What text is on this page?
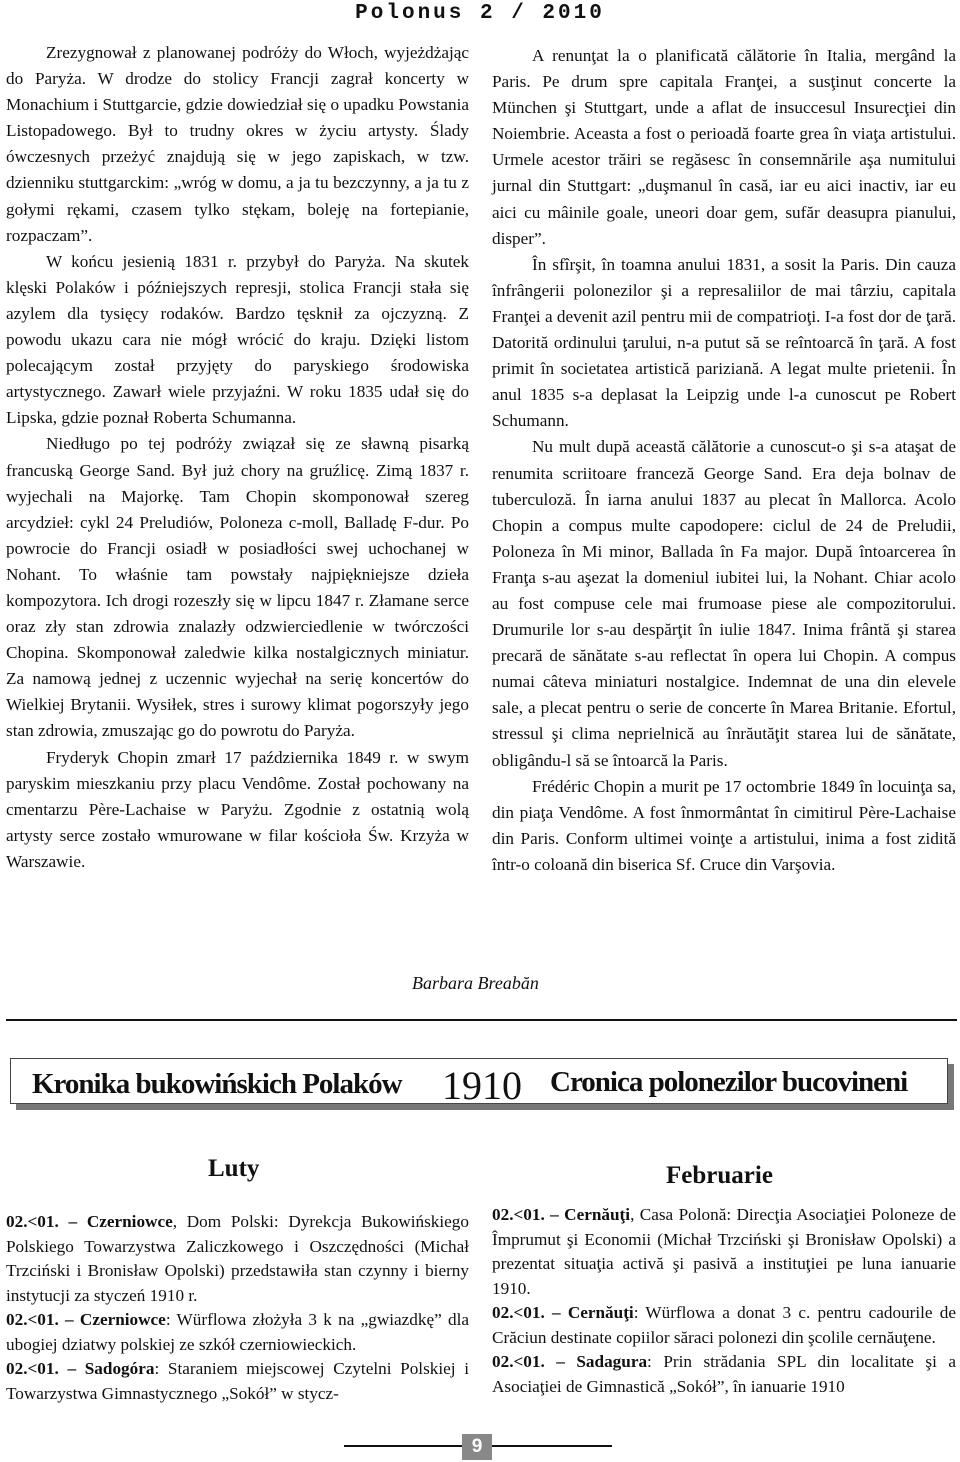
Polonus 2 / 2010

Zrezygnował z planowanej podróży do Włoch, wyjeżdżając do Paryża. W drodze do stolicy Francji zagrał koncerty w Monachium i Stuttgarcie, gdzie dowiedział się o upadku Powstania Listopadowego. Był to trudny okres w życiu artysty. Ślady ówczesnych przeżyć znajdują się w jego zapiskach, w tzw. dzienniku stuttgarckim: „wróg w domu, a ja tu bezczynny, a ja tu z gołymi rękami, czasem tylko stękam, boleję na fortepianie, rozpaczam”.

W końcu jesienią 1831 r. przybył do Paryża. Na skutek klęski Polaków i późniejszych represji, stolica Francji stała się azylem dla tysięcy rodaków. Bardzo tęsknił za ojczyzną. Z powodu ukazu cara nie mógł wrócić do kraju. Dzięki listom polecającym został przyjęty do paryskiego środowiska artystycznego. Zawarł wiele przyjaźni. W roku 1835 udał się do Lipska, gdzie poznał Roberta Schumanna.

Niedługo po tej podróży związał się ze sławną pisarką francuską George Sand. Był już chory na gruźlicę. Zimą 1837 r. wyjechali na Majorkę. Tam Chopin skomponował szereg arcydzieł: cykl 24 Preludiów, Poloneza c-moll, Balladę F-dur. Po powrocie do Francji osiadł w posiadłości swej uchochanej w Nohant. To właśnie tam powstały najpiękniejsze dzieła kompozytora. Ich drogi rozeszły się w lipcu 1847 r. Złamane serce oraz zły stan zdrowia znalazły odzwierciedlenie w twórczości Chopina. Skomponował zaledwie kilka nostalgicznych miniatur. Za namową jednej z uczennic wyjechał na serię koncertów do Wielkiej Brytanii. Wysiłek, stres i surowy klimat pogorszyły jego stan zdrowia, zmuszając go do powrotu do Paryża.

Fryderyk Chopin zmarł 17 października 1849 r. w swym paryskim mieszkaniu przy placu Vendôme. Został pochowany na cmentarzu Père-Lachaise w Paryżu. Zgodnie z ostatnią wolą artysty serce zostało wmurowane w filar kościoła Św. Krzyża w Warszawie.

A renunţat la o planificată călătorie în Italia, mergând la Paris. Pe drum spre capitala Franţei, a susţinut concerte la München şi Stuttgart, unde a aflat de insuccesul Insurecţiei din Noiembrie. Aceasta a fost o perioadă foarte grea în viaţa artistului. Urmele acestor trăiri se regăsesc în consemnările aşa numitului jurnal din Stuttgart: „duşmanul în casă, iar eu aici inactiv, iar eu aici cu mâinile goale, uneori doar gem, sufăr deasupra pianului, disper”.

În sfîrşit, în toamna anului 1831, a sosit la Paris. Din cauza înfrângerii polonezilor şi a represaliilor de mai târziu, capitala Franţei a devenit azil pentru mii de compatrioţi. I-a fost dor de ţară. Datorită ordinului ţarului, n-a putut să se reîntoarcă în ţară. A fost primit în societatea artistică pariziană. A legat multe prietenii. În anul 1835 s-a deplasat la Leipzig unde l-a cunoscut pe Robert Schumann.

Nu mult după această călătorie a cunoscut-o şi s-a ataşat de renumita scriitoare franceză George Sand. Era deja bolnav de tuberculoză. În iarna anului 1837 au plecat în Mallorca. Acolo Chopin a compus multe capodopere: ciclul de 24 de Preludii, Poloneza în Mi minor, Ballada în Fa major. După întoarcerea în Franţa s-au aşezat la domeniul iubitei lui, la Nohant. Chiar acolo au fost compuse cele mai frumoase piese ale compozitorului. Drumurile lor s-au despărţit în iulie 1847. Inima frântă şi starea precară de sănătate s-au reflectat în opera lui Chopin. A compus numai câteva miniaturi nostalgice. Indemnat de una din elevele sale, a plecat pentru o serie de concerte în Marea Britanie. Efortul, stressul şi clima neprielnică au înrăutăţit starea lui de sănătate, obligându-l să se întoarcă la Paris.

Frédéric Chopin a murit pe 17 octombrie 1849 în locuinţa sa, din piaţa Vendôme. A fost înmormântat în cimitirul Père-Lachaise din Paris. Conform ultimei voinţe a artistului, inima a fost zidită într-o coloană din biserica Sf. Cruce din Varşovia.

Barbara Breabăn
Kronika bukowińskich Polaków 1910 Cronica polonezilor bucovineni
Luty	Februarie

02.<01. – Czerniowce, Dom Polski: Dyrekcja Bukowińskiego Polskiego Towarzystwa Zaliczkowego i Oszczędności (Michał Trzciński i Bronisław Opolski) przedstawiła stan czynny i bierny instytucji za styczeń 1910 r.

02.<01. – Czerniowce: Würflowa złożyła 3 k na „gwiazdkę” dla ubogiej dziatwy polskiej ze szkół czerniowieckich.

02.<01. – Sadogóra: Staraniem miejscowej Czytelni Polskiej i Towarzystwa Gimnastycznego „Sokół” w stycz-

02.<01. – Cernăuţi, Casa Polonă: Direcţia Asociaţiei Poloneze de Împrumut şi Economii (Michał Trzciński şi Bronisław Opolski) a prezentat situaţia activă şi pasivă a instituţiei pe luna ianuarie 1910.

02.<01. – Cernăuţi: Würflowa a donat 3 c. pentru cadourile de Crăciun destinate copiilor săraci polonezi din şcolile cernăuţene.

02.<01. – Sadagura: Prin strădania SPL din localitate şi a Asociaţiei de Gimnastică „Sokół”, în ianuarie 1910

9
